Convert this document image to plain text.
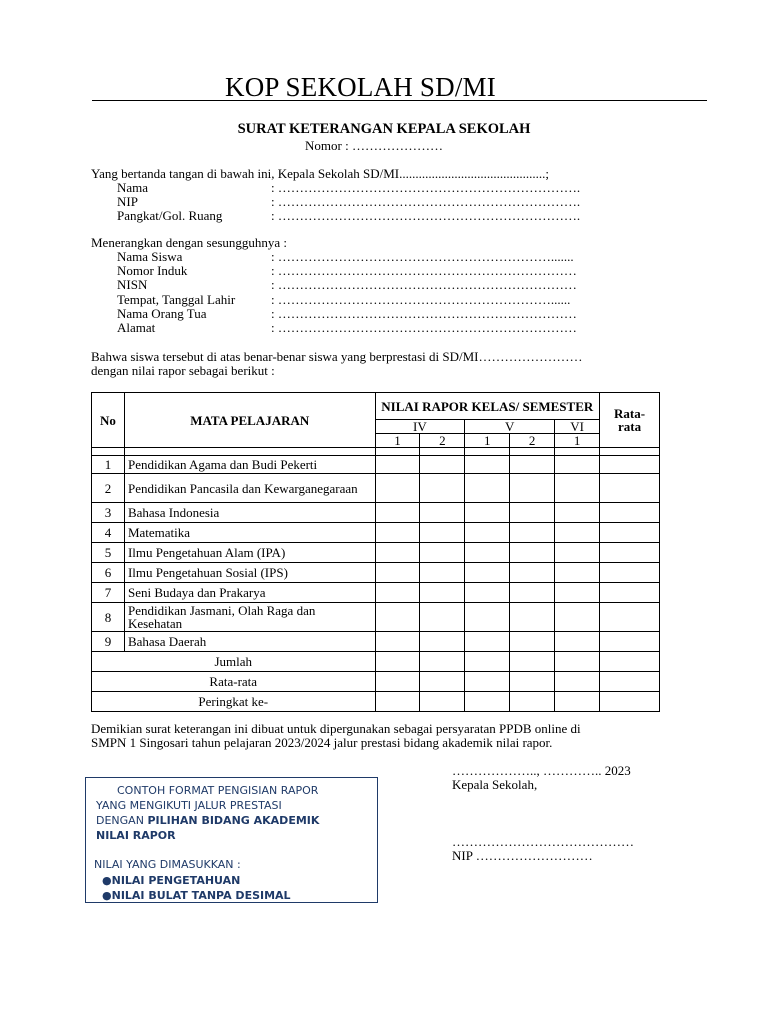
KOP SEKOLAH SD/MI
SURAT KETERANGAN KEPALA SEKOLAH
Nomor : …………………
Yang bertanda tangan di bawah ini, Kepala Sekolah SD/MI.............................................;
Nama	: …………………………………………………………….
NIP	: …………………………………………………………….
Pangkat/Gol. Ruang	: …………………………………………………………….
Menerangkan dengan sesungguhnya :
Nama Siswa	: ……………………………………………………….......
Nomor Induk	: ……………………………………………………………
NISN	: ……………………………………………………………
Tempat, Tanggal Lahir	: ………………………………………………………......
Nama Orang Tua	: ……………………………………………………………
Alamat	: ……………………………………………………………
Bahwa siswa tersebut di atas benar-benar siswa yang berprestasi di SD/MI……………………
dengan nilai rapor sebagai berikut :
No	MATA PELAJARAN	NILAI RAPOR KELAS/ SEMESTER					Rata-rata
		IV		V		VI	
		1	2	1	2	1	

1	Pendidikan Agama dan Budi Pekerti						
2	Pendidikan Pancasila dan Kewarganegaraan						
3	Bahasa Indonesia						
4	Matematika						
5	Ilmu Pengetahuan Alam (IPA)						
6	Ilmu Pengetahuan Sosial (IPS)						
7	Seni Budaya dan Prakarya						
8	Pendidikan Jasmani, Olah Raga dan Kesehatan						
9	Bahasa Daerah						
Jumlah							
Rata-rata							
Peringkat ke-							
Demikian surat keterangan ini dibuat untuk dipergunakan sebagai persyaratan PPDB online di
SMPN 1 Singosari tahun pelajaran 2023/2024 jalur prestasi bidang akademik nilai rapor.
……………….., ………….. 2023
Kepala Sekolah,
……………………………………
NIP ………………………
CONTOH FORMAT PENGISIAN RAPOR
YANG MENGIKUTI JALUR PRESTASI
DENGAN PILIHAN BIDANG AKADEMIK
NILAI RAPOR
NILAI YANG DIMASUKKAN :
●NILAI PENGETAHUAN
●NILAI BULAT TANPA DESIMAL
